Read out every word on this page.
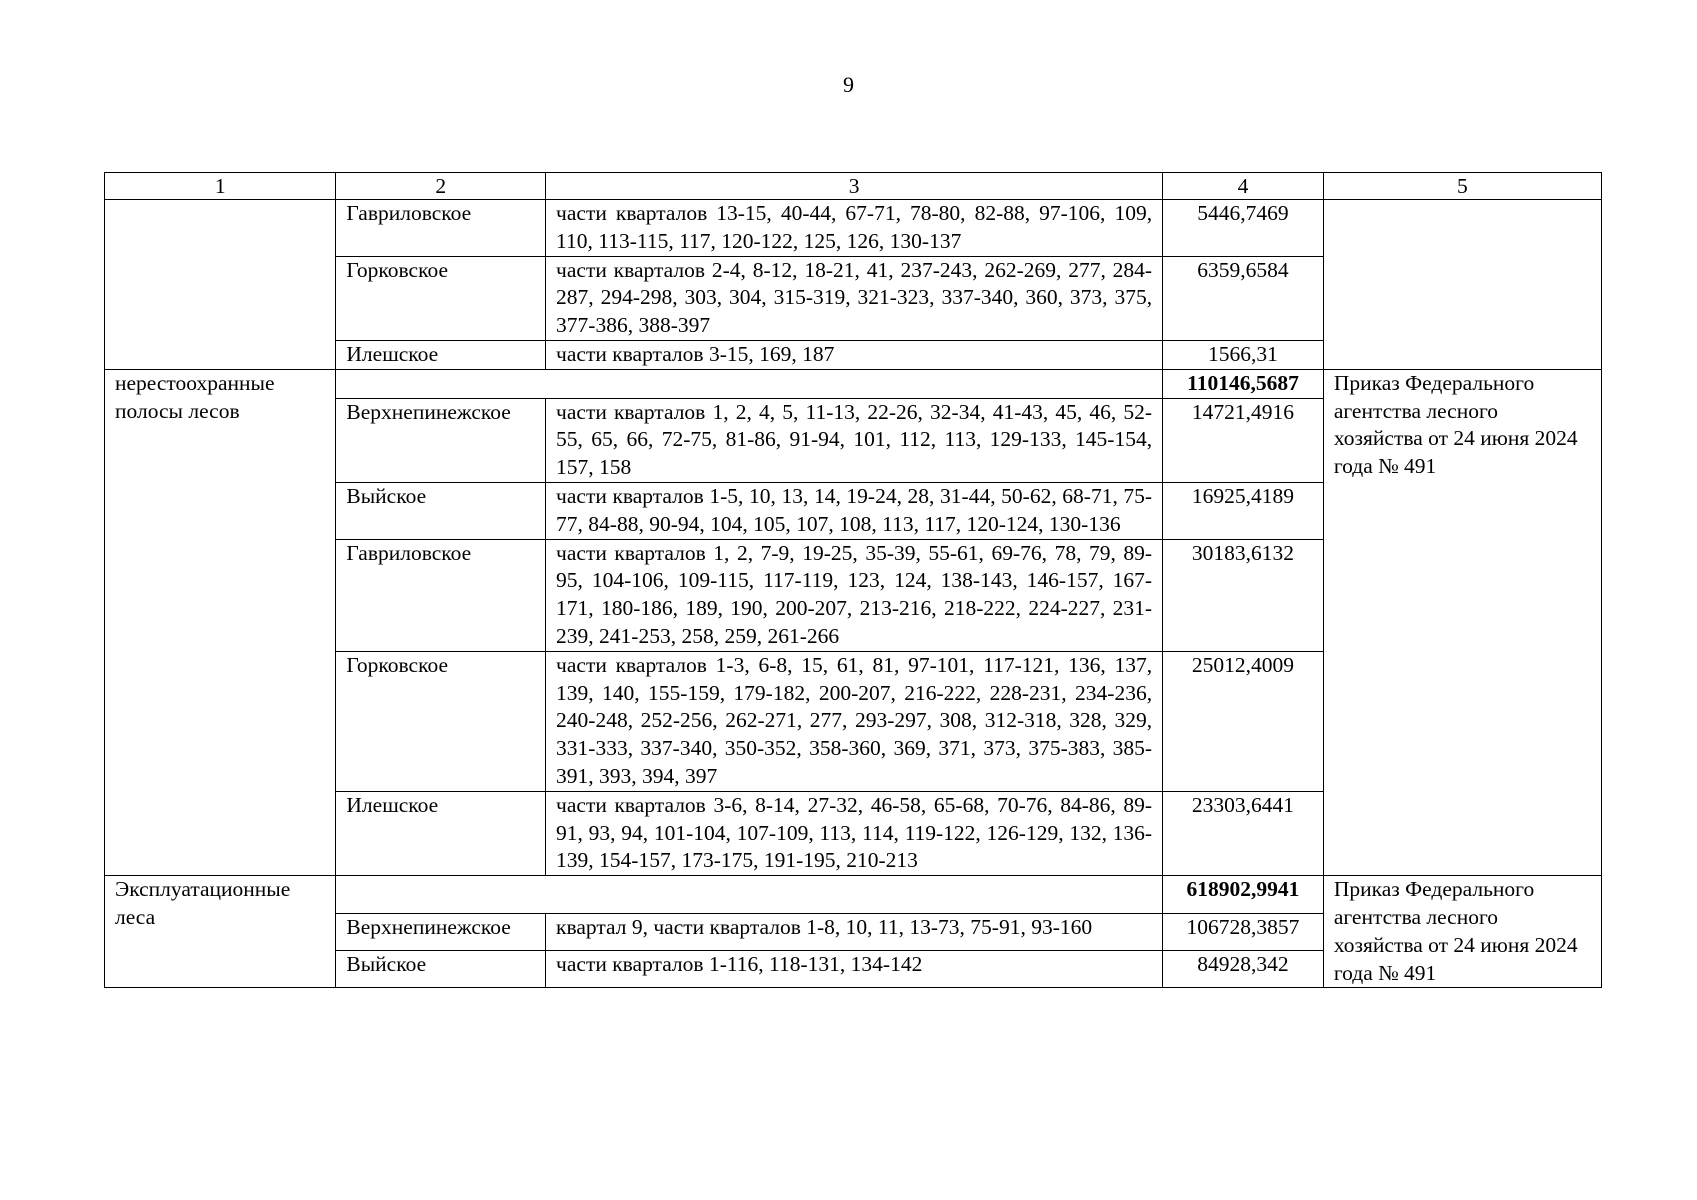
9
1	2	3	4	5
	Гавриловское	части кварталов 13-15, 40-44, 67-71, 78-80, 82-88, 97-106, 109, 110, 113-115, 117, 120-122, 125, 126, 130-137	5446,7469	
	Горковское	части кварталов 2-4, 8-12, 18-21, 41, 237-243, 262-269, 277, 284-287, 294-298, 303, 304, 315-319, 321-323, 337-340, 360, 373, 375, 377-386, 388-397	6359,6584	
	Илешское	части кварталов 3-15, 169, 187	1566,31	
нерестоохранные полосы лесов			110146,5687	Приказ Федерального агентства лесного хозяйства от 24 июня 2024 года № 491
	Верхнепинежское	части кварталов 1, 2, 4, 5, 11-13, 22-26, 32-34, 41-43, 45, 46, 52-55, 65, 66, 72-75, 81-86, 91-94, 101, 112, 113, 129-133, 145-154, 157, 158	14721,4916	
	Выйское	части кварталов 1-5, 10, 13, 14, 19-24, 28, 31-44, 50-62, 68-71, 75-77, 84-88, 90-94, 104, 105, 107, 108, 113, 117, 120-124, 130-136	16925,4189	
	Гавриловское	части кварталов 1, 2, 7-9, 19-25, 35-39, 55-61, 69-76, 78, 79, 89-95, 104-106, 109-115, 117-119, 123, 124, 138-143, 146-157, 167-171, 180-186, 189, 190, 200-207, 213-216, 218-222, 224-227, 231-239, 241-253, 258, 259, 261-266	30183,6132	
	Горковское	части кварталов 1-3, 6-8, 15, 61, 81, 97-101, 117-121, 136, 137, 139, 140, 155-159, 179-182, 200-207, 216-222, 228-231, 234-236, 240-248, 252-256, 262-271, 277, 293-297, 308, 312-318, 328, 329, 331-333, 337-340, 350-352, 358-360, 369, 371, 373, 375-383, 385-391, 393, 394, 397	25012,4009	
	Илешское	части кварталов 3-6, 8-14, 27-32, 46-58, 65-68, 70-76, 84-86, 89-91, 93, 94, 101-104, 107-109, 113, 114, 119-122, 126-129, 132, 136-139, 154-157, 173-175, 191-195, 210-213	23303,6441	
Эксплуатационные леса			618902,9941	Приказ Федерального агентства лесного хозяйства от 24 июня 2024 года № 491
	Верхнепинежское	квартал 9, части кварталов 1-8, 10, 11, 13-73, 75-91, 93-160	106728,3857	
	Выйское	части кварталов 1-116, 118-131, 134-142	84928,342	
